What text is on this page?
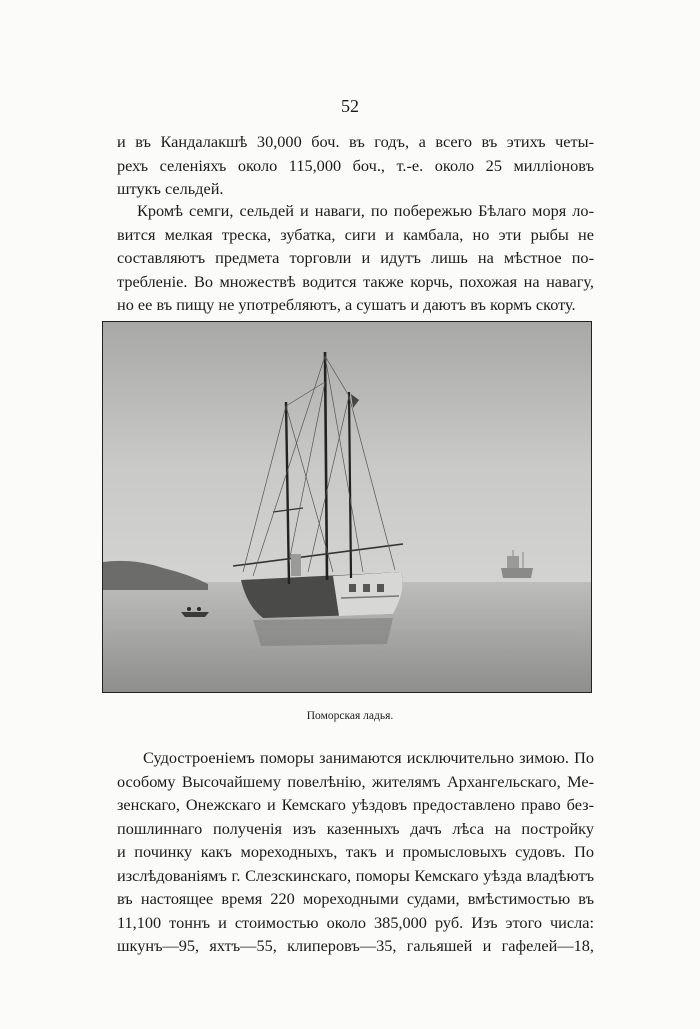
52
и въ Кандалакшѣ 30,000 боч. въ годъ, а всего въ этихъ четы-
рехъ селеніяхъ около 115,000 боч., т.-е. около 25 милліоновъ
штукъ сельдей.
Кромѣ семги, сельдей и наваги, по побережью Бѣлаго моря ло-
вится мелкая треска, зубатка, сиги и камбала, но эти рыбы не
составляютъ предмета торговли и идутъ лишь на мѣстное по-
требленіе. Во множествѣ водится также корчь, похожая на навагу,
но ее въ пищу не употребляютъ, а сушатъ и даютъ въ кормъ скоту.
Поморская ладья.
Судостроеніемъ поморы занимаются исключительно зимою. По
особому Высочайшему повелѣнію, жителямъ Архангельскаго, Ме-
зенскаго, Онежскаго и Кемскаго уѣздовъ предоставлено право без-
пошлиннаго полученія изъ казенныхъ дачъ лѣса на постройку
и починку какъ мореходныхъ, такъ и промысловыхъ судовъ. По
изслѣдованіямъ г. Слезскинскаго, поморы Кемскаго уѣзда владѣютъ
въ настоящее время 220 мореходными судами, вмѣстимостью въ
11,100 тоннъ и стоимостью около 385,000 руб. Изъ этого числа:
шкунъ—95, яхтъ—55, клиперовъ—35, гальяшей и гафелей—18,
